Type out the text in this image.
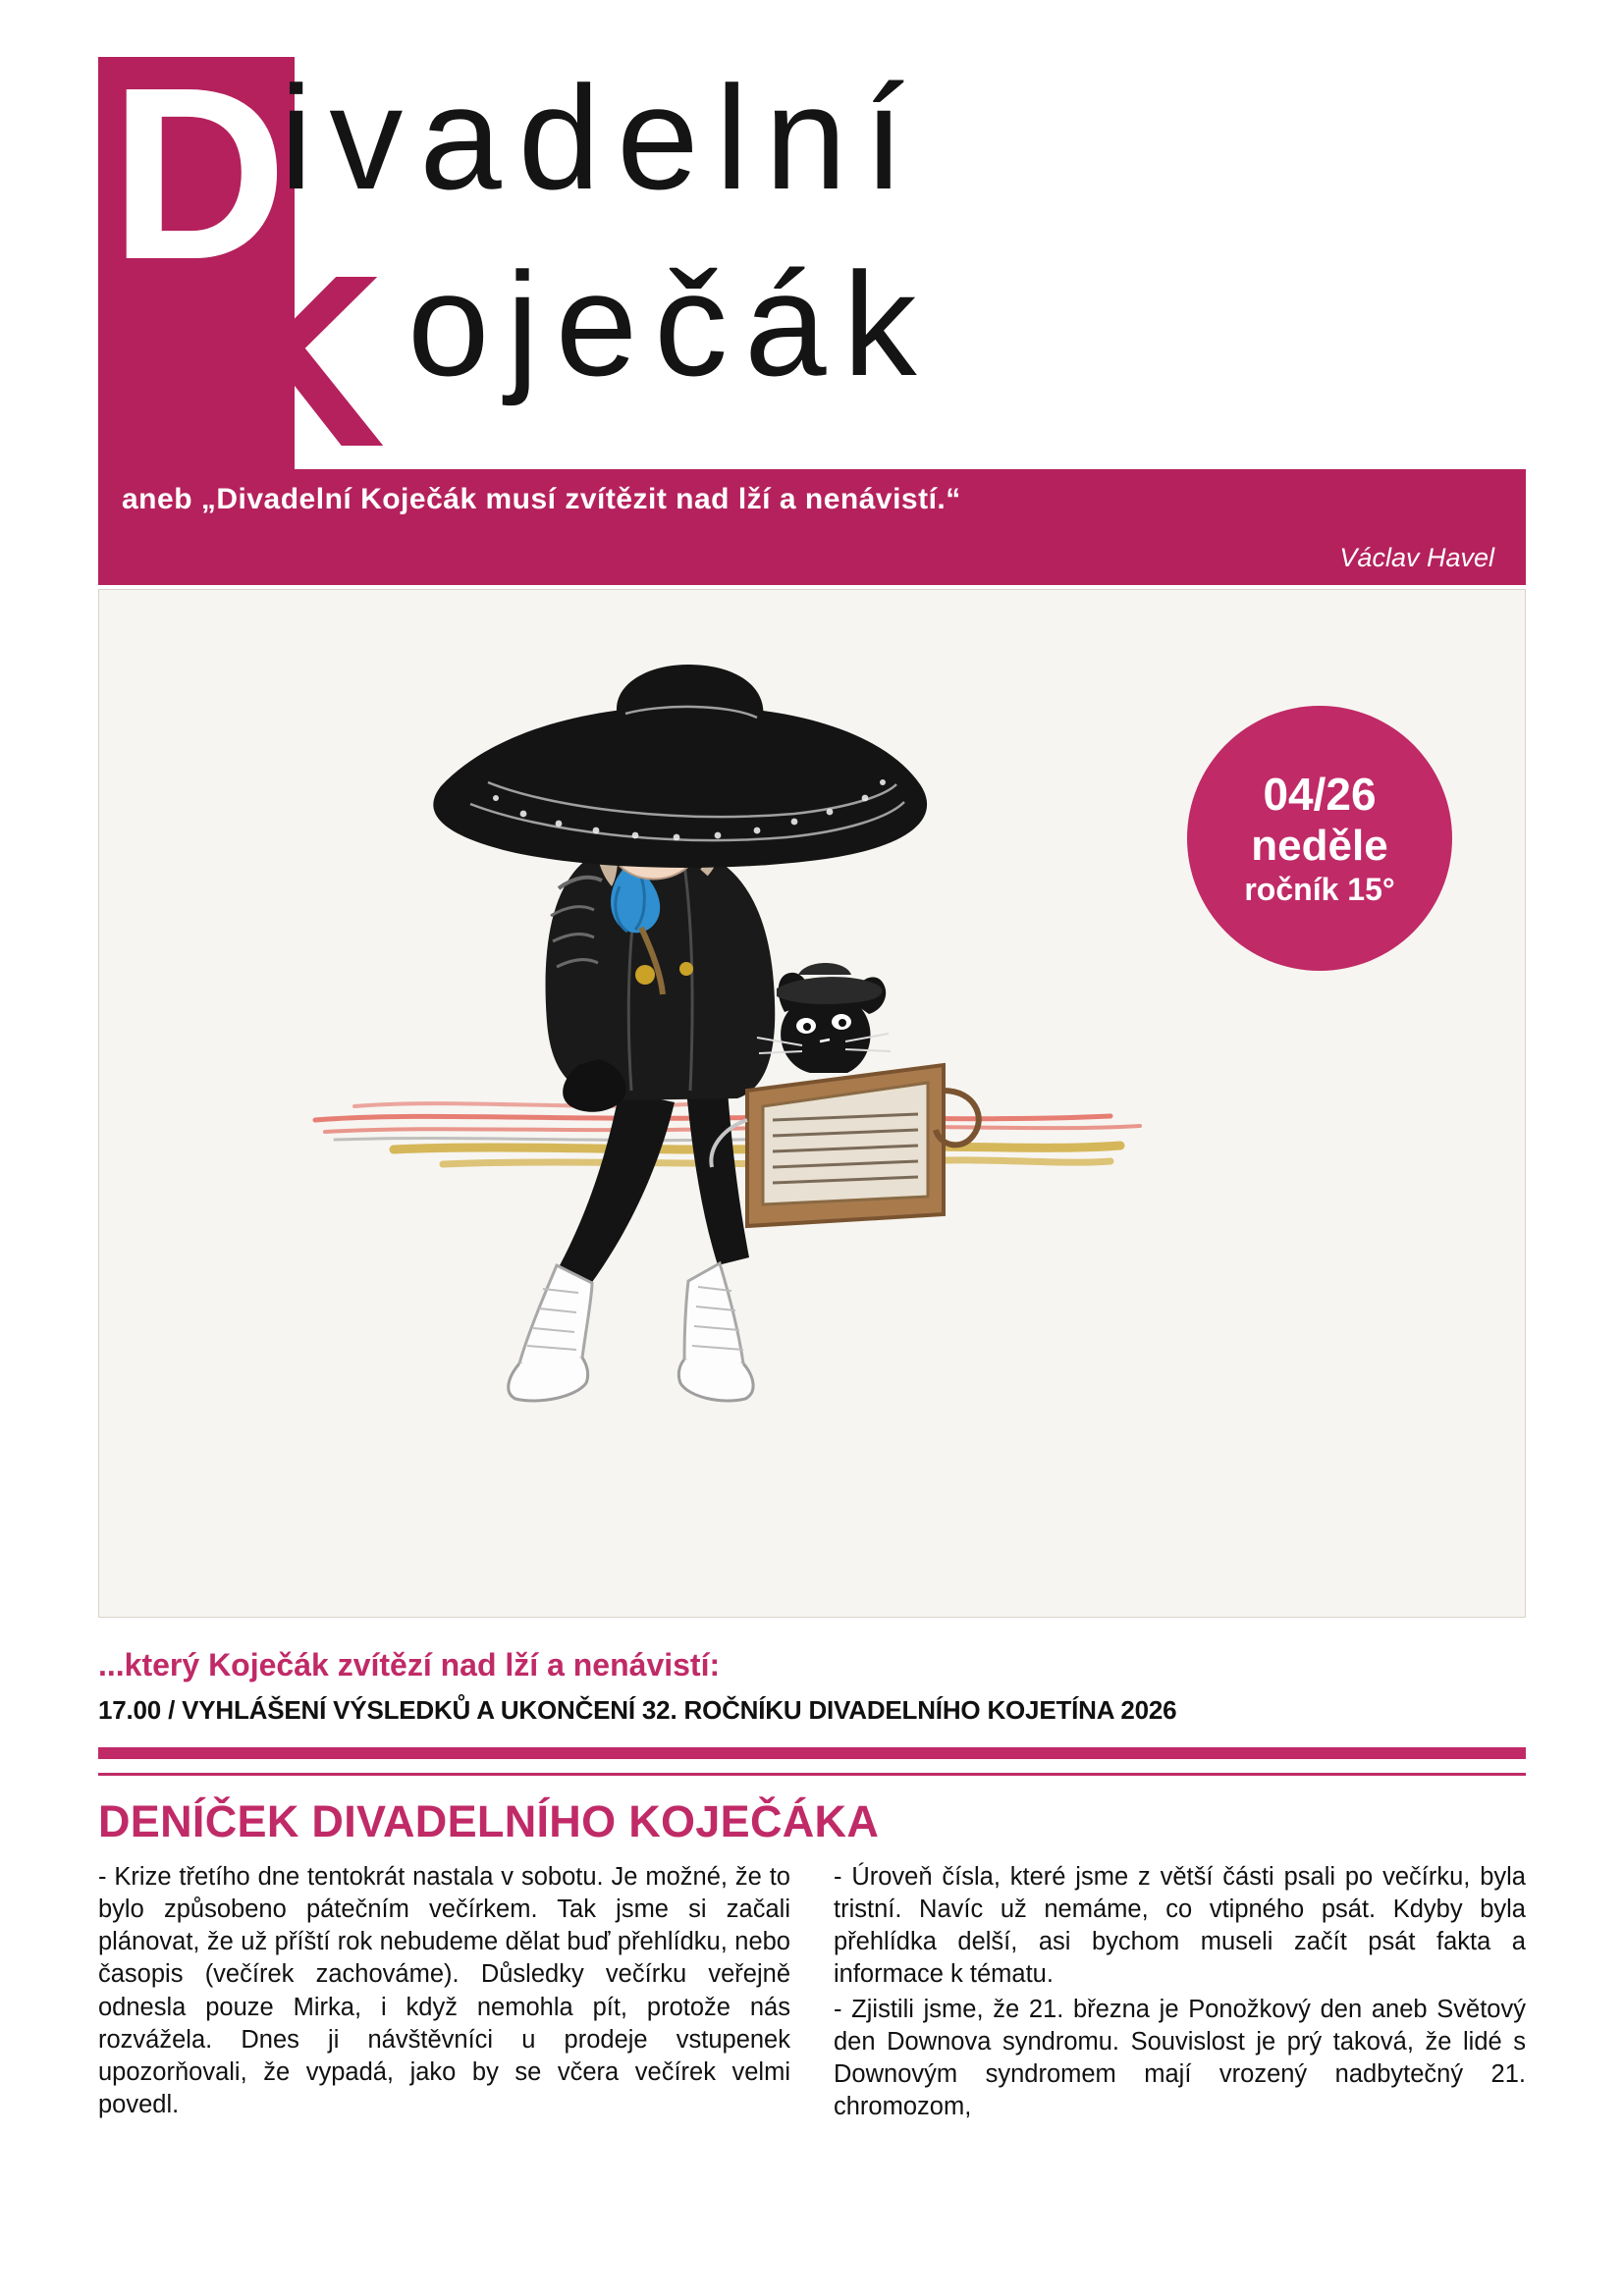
D
K
ivadelní
oječák

aneb „Divadelní Koječák musí zvítězit nad lží a nenávistí.“

Václav Havel
04/26
neděle
ročník 15°

...který Koječák zvítězí nad lží a nenávistí:

17.00 / VYHLÁŠENÍ VÝSLEDKŮ A UKONČENÍ 32. ROČNÍKU DIVADELNÍHO KOJETÍNA 2026

DENÍČEK DIVADELNÍHO KOJEČÁKA

- Krize třetího dne tentokrát nastala v sobotu. Je možné, že to bylo způsobeno pátečním večírkem. Tak jsme si začali plánovat, že už příští rok nebudeme dělat buď přehlídku, nebo časopis (večírek zachováme). Důsledky večírku veřejně odnesla pouze Mirka, i když nemohla pít, protože nás rozvážela. Dnes ji návštěvníci u prodeje vstupenek upozorňovali, že vypadá, jako by se včera večírek velmi povedl.

- Úroveň čísla, které jsme z větší části psali po večírku, byla tristní. Navíc už nemáme, co vtipného psát. Kdyby byla přehlídka delší, asi bychom museli začít psát fakta a informace k tématu.

- Zjistili jsme, že 21. března je Ponožkový den aneb Světový den Downova syndromu. Souvislost je prý taková, že lidé s Downovým syndromem mají vrozený nadbytečný 21. chromozom,
